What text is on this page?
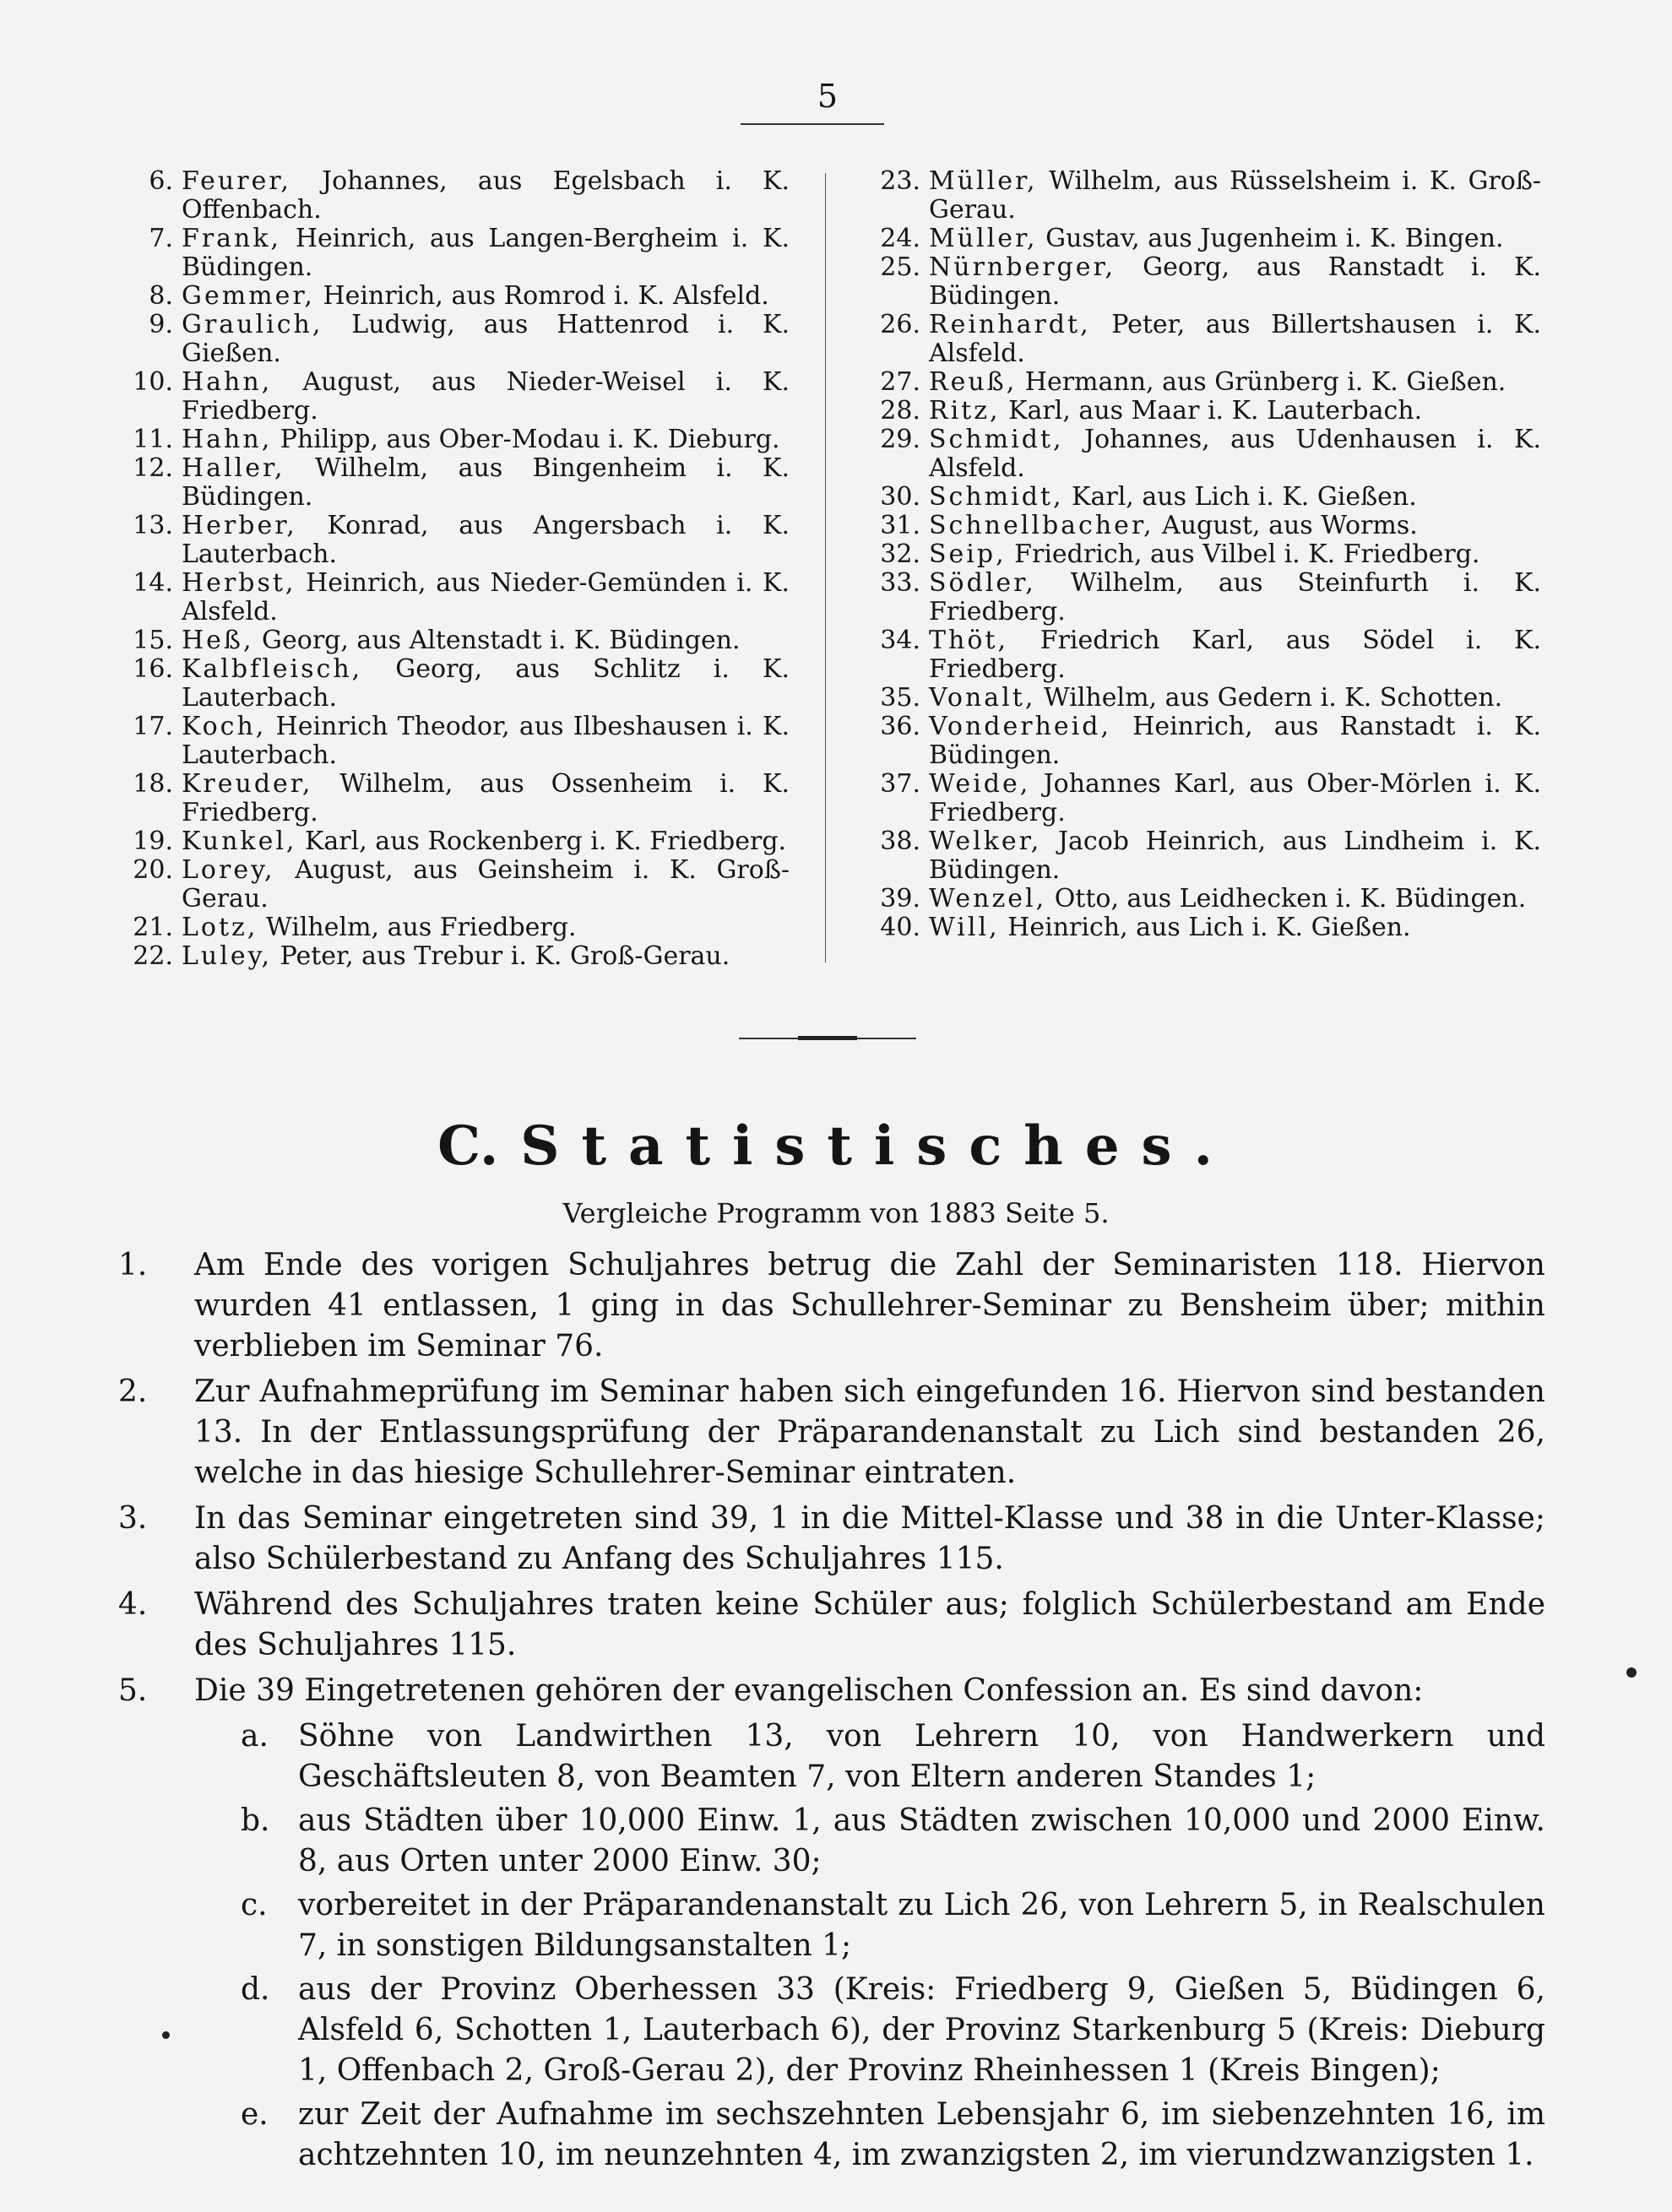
5
6. Feurer, Johannes, aus Egelsbach i. K. Offenbach.
7. Frank, Heinrich, aus Langen-Bergheim i. K. Büdingen.
8. Gemmer, Heinrich, aus Romrod i. K. Alsfeld.
9. Graulich, Ludwig, aus Hattenrod i. K. Gießen.
10. Hahn, August, aus Nieder-Weisel i. K. Friedberg.
11. Hahn, Philipp, aus Ober-Modau i. K. Dieburg.
12. Haller, Wilhelm, aus Bingenheim i. K. Büdingen.
13. Herber, Konrad, aus Angersbach i. K. Lauterbach.
14. Herbst, Heinrich, aus Nieder-Gemünden i. K. Alsfeld.
15. Heß, Georg, aus Altenstadt i. K. Büdingen.
16. Kalbfleisch, Georg, aus Schlitz i. K. Lauterbach.
17. Koch, Heinrich Theodor, aus Ilbeshausen i. K. Lauterbach.
18. Kreuder, Wilhelm, aus Ossenheim i. K. Friedberg.
19. Kunkel, Karl, aus Rockenberg i. K. Friedberg.
20. Lorey, August, aus Geinsheim i. K. Groß-Gerau.
21. Lotz, Wilhelm, aus Friedberg.
22. Luley, Peter, aus Trebur i. K. Groß-Gerau.
23. Müller, Wilhelm, aus Rüsselsheim i. K. Groß-Gerau.
24. Müller, Gustav, aus Jugenheim i. K. Bingen.
25. Nürnberger, Georg, aus Ranstadt i. K. Büdingen.
26. Reinhardt, Peter, aus Billertshausen i. K. Alsfeld.
27. Reuß, Hermann, aus Grünberg i. K. Gießen.
28. Ritz, Karl, aus Maar i. K. Lauterbach.
29. Schmidt, Johannes, aus Udenhausen i. K. Alsfeld.
30. Schmidt, Karl, aus Lich i. K. Gießen.
31. Schnellbacher, August, aus Worms.
32. Seip, Friedrich, aus Vilbel i. K. Friedberg.
33. Södler, Wilhelm, aus Steinfurth i. K. Friedberg.
34. Thöt, Friedrich Karl, aus Södel i. K. Friedberg.
35. Vonalt, Wilhelm, aus Gedern i. K. Schotten.
36. Vonderheid, Heinrich, aus Ranstadt i. K. Büdingen.
37. Weide, Johannes Karl, aus Ober-Mörlen i. K. Friedberg.
38. Welker, Jacob Heinrich, aus Lindheim i. K. Büdingen.
39. Wenzel, Otto, aus Leidhecken i. K. Büdingen.
40. Will, Heinrich, aus Lich i. K. Gießen.
C. Statistisches.
Vergleiche Programm von 1883 Seite 5.
1.	Am Ende des vorigen Schuljahres betrug die Zahl der Seminaristen 118. Hiervon wurden 41 entlassen, 1 ging in das Schullehrer-Seminar zu Bensheim über; mithin verblieben im Seminar 76.
2.	Zur Aufnahmeprüfung im Seminar haben sich eingefunden 16. Hiervon sind bestanden 13. In der Entlassungsprüfung der Präparandenanstalt zu Lich sind bestanden 26, welche in das hiesige Schullehrer-Seminar eintraten.
3.	In das Seminar eingetreten sind 39, 1 in die Mittel-Klasse und 38 in die Unter-Klasse; also Schülerbestand zu Anfang des Schuljahres 115.
4.	Während des Schuljahres traten keine Schüler aus; folglich Schülerbestand am Ende des Schuljahres 115.
5.	Die 39 Eingetretenen gehören der evangelischen Confession an. Es sind davon:
a. Söhne von Landwirthen 13, von Lehrern 10, von Handwerkern und Geschäftsleuten 8, von Beamten 7, von Eltern anderen Standes 1;
b. aus Städten über 10,000 Einw. 1, aus Städten zwischen 10,000 und 2000 Einw. 8, aus Orten unter 2000 Einw. 30;
c.	vorbereitet in der Präparandenanstalt zu Lich 26, von Lehrern 5, in Realschulen 7, in sonstigen Bildungsanstalten 1;
d. aus der Provinz Oberhessen 33 (Kreis: Friedberg 9, Gießen 5, Büdingen 6, Alsfeld 6, Schotten 1, Lauterbach 6), der Provinz Starkenburg 5 (Kreis: Dieburg 1, Offenbach 2, Groß-Gerau 2), der Provinz Rheinhessen 1 (Kreis Bingen);
e. zur Zeit der Aufnahme im sechszehnten Lebensjahr 6, im siebenzehnten 16, im achtzehnten 10, im neunzehnten 4, im zwanzigsten 2, im vierundzwanzigsten 1.
